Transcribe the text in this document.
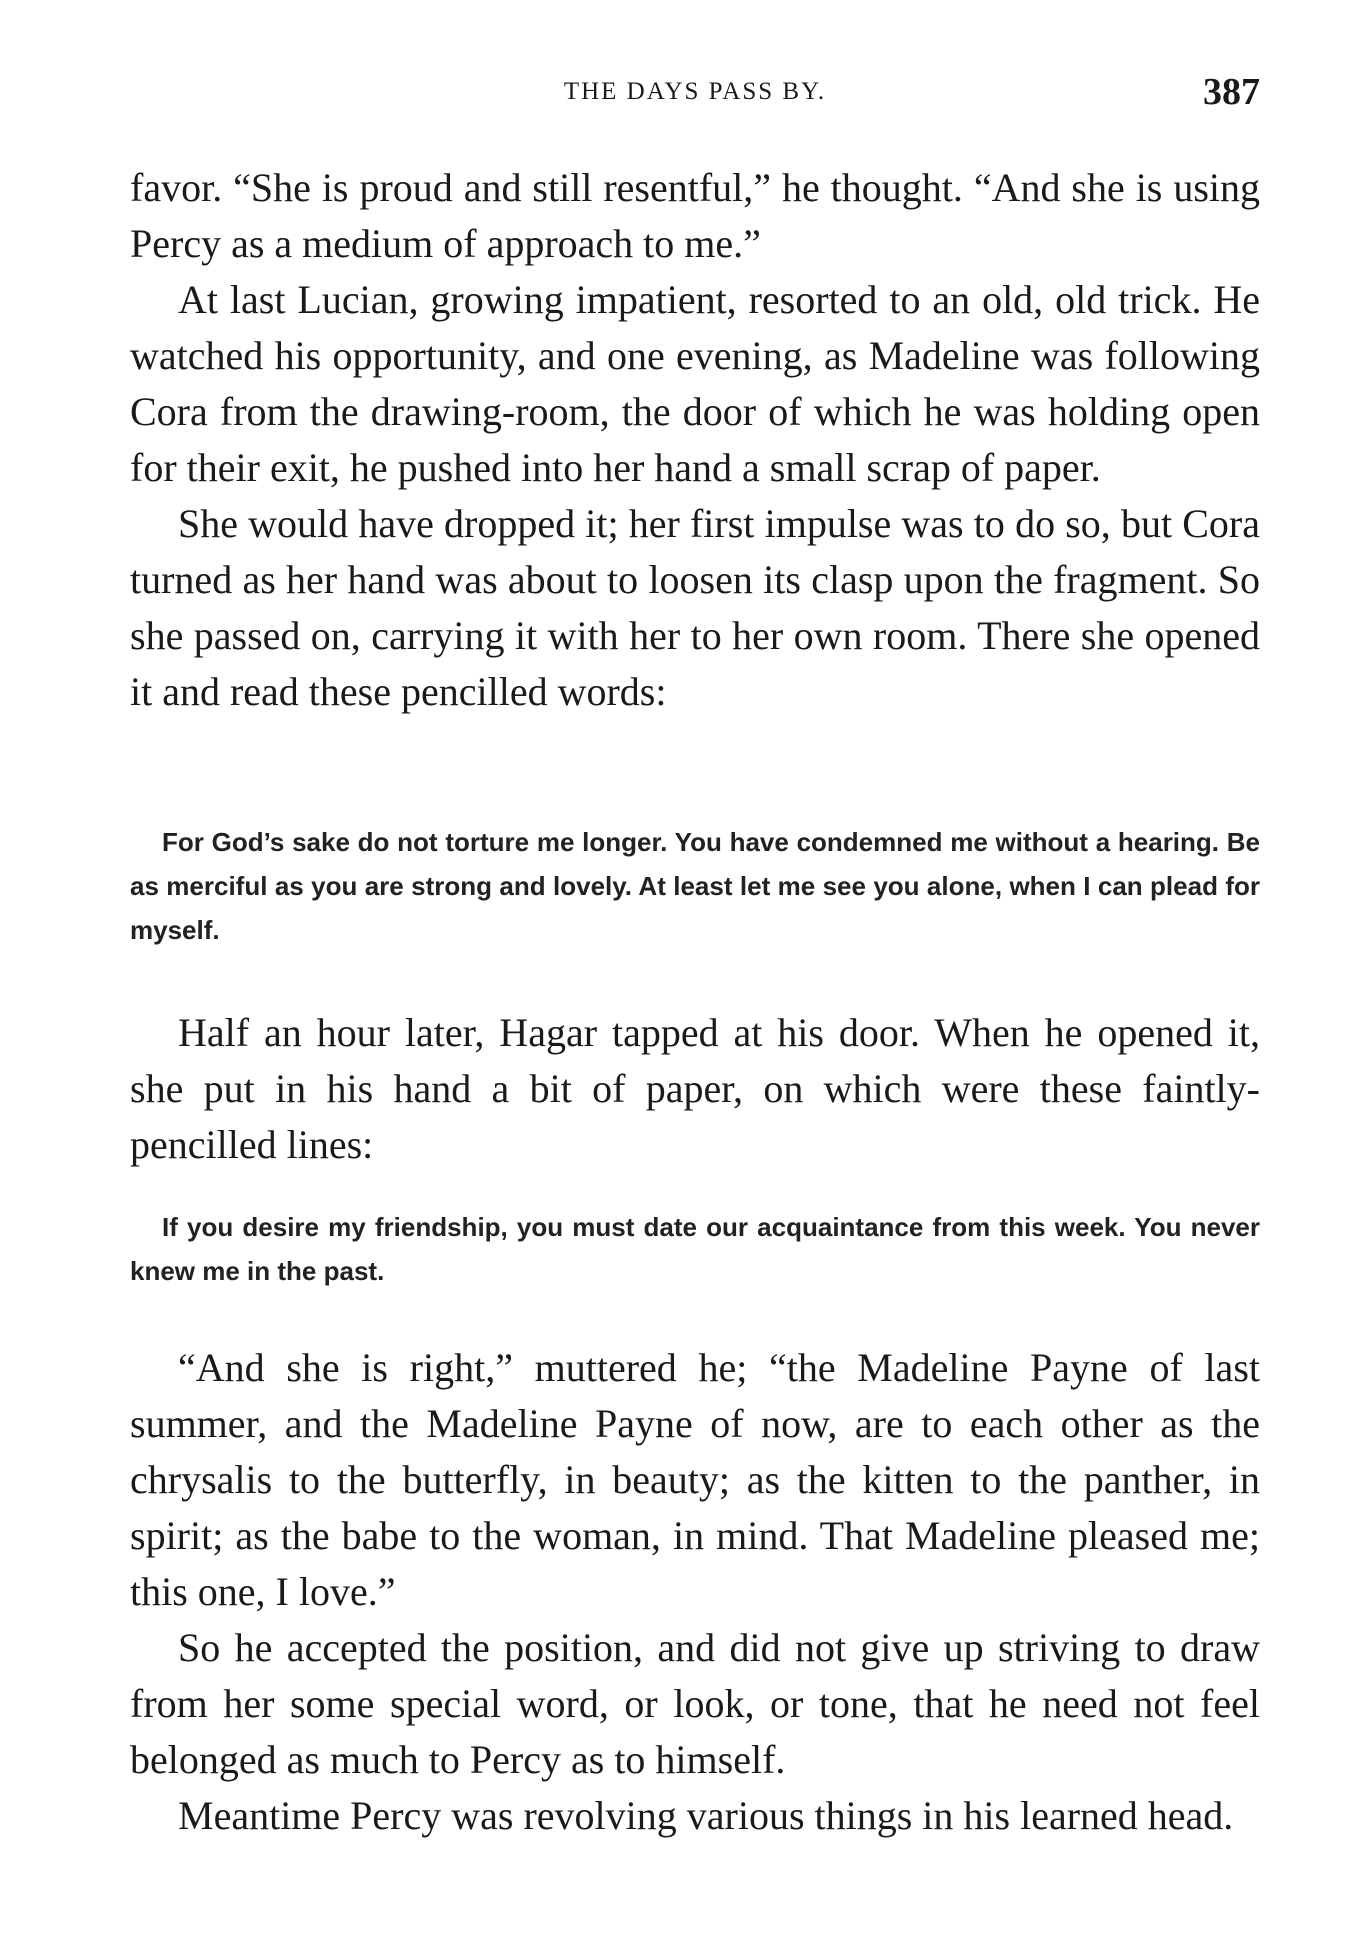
THE DAYS PASS BY.	387

favor. “She is proud and still resentful,” he thought. “And she is using Percy as a medium of approach to me.”

At last Lucian, growing impatient, resorted to an old, old trick. He watched his opportunity, and one evening, as Madeline was following Cora from the drawing-room, the door of which he was holding open for their exit, he pushed into her hand a small scrap of paper.

She would have dropped it; her first impulse was to do so, but Cora turned as her hand was about to loosen its clasp upon the fragment. So she passed on, carrying it with her to her own room. There she opened it and read these pencilled words:

For God’s sake do not torture me longer. You have condemned me without a hearing. Be as merciful as you are strong and lovely. At least let me see you alone, when I can plead for myself.

Half an hour later, Hagar tapped at his door. When he opened it, she put in his hand a bit of paper, on which were these faintly-pencilled lines:

If you desire my friendship, you must date our acquaintance from this week. You never knew me in the past.

“And she is right,” muttered he; “the Madeline Payne of last summer, and the Madeline Payne of now, are to each other as the chrysalis to the butterfly, in beauty; as the kitten to the panther, in spirit; as the babe to the woman, in mind. That Madeline pleased me; this one, I love.”

So he accepted the position, and did not give up striving to draw from her some special word, or look, or tone, that he need not feel belonged as much to Percy as to himself.

Meantime Percy was revolving various things in his learned head.
